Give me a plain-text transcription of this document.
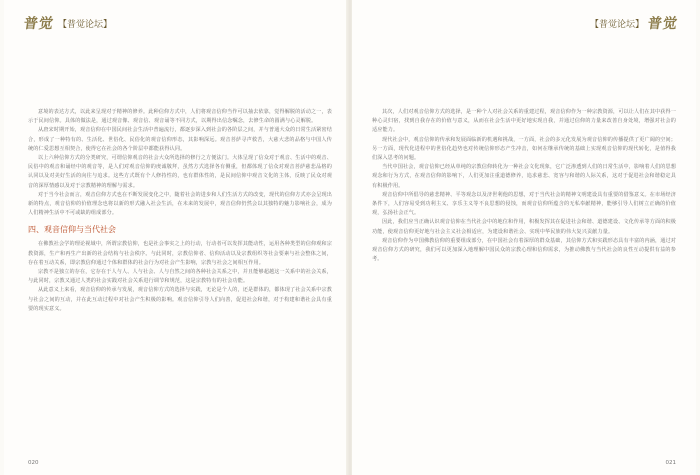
普觉 【普觉论坛】

意境的表达方式，以此来呈现对于精神的修养。此种信仰方式中，人们将观音信仰当作可以抽去依靠，觉得解脱的活动之一，表示于民间信仰。具体的做法是，通过观音像、观音信、观音诵等不同方式，以期得出信念嘱念，去修生命的圆满与心灵解脱。

从唐宋时期开始，观音信仰在中国民间社会生活中普遍流行，都逐步深入到社会的各阶层之间，并与普通大众的日常生活紧密结合，形成了一种特有的、生活化、世俗化、民俗化的观音信仰形态，其影响深远。观音菩萨寻声救苦，大慈大悲的品格与中国人传统的仁爱思想互相契合，使得它在社会的各个阶层中都能获得认同。

以上六种信仰方式的分类研究，可谓信仰观音的社会大众所选择的修行之方便法门。大体呈现了信众对于观音、生活中的观音、民俗中的观音和诵经中的观音等，是人们对观音信仰的虔诚敬拜，虽然方式选择各有侧重，但都体现了信众对观音菩萨慈悲品格的认同以及对美好生活的向往与追求。这些方式既有个人修持性的，也有群体性的，是民间信仰中观音文化的主体，反映了民众对观音的深厚情感以及对于宗教精神的理解与需求。

对于当今社会而言，观音信仰方式也在不断发展变化之中，随着社会的进步和人们生活方式的改变，现代的信仰方式亦会呈现出新的特点，观音信仰的价值理念也将以新的形式融入社会生活，在未来的发展中，观音信仰仍然会以其独特的魅力影响社会，成为人们精神生活中不可或缺的组成部分。

四、观音信仰与当代社会

在佛教社会学的理论视域中，所谓宗教信仰，也是社会事实之上的行动，行动者可以发挥其能动性，运用各种类型的信仰观和宗教资源，生产和再生产出新的社会结构与社会秩序。与此同时，宗教信仰者、信仰活动以及宗教组织等社会要素与社会整体之间，存在着互动关系，即宗教信仰通过个体和群体的社会行为对社会产生影响，宗教与社会之间相互作用。

宗教不是独立的存在，它存在于人与人、人与社会、人与自然之间的各种社会关系之中，并且能够超越这一关系中的社会关系，与此同时，宗教又通过人类的社会实践对社会关系进行调节和规范，这是宗教特有的社会功能。

从此意义上来看，观音信仰的传承与发展，观音信仰方式的选择与实践，无论是个人的，还是群体的，都体现了社会关系中宗教与社会之间的互动，并在此互动过程中对社会产生积极的影响。观音信仰引导人们向善，促进社会和谐，对于构建和谐社会具有重要的现实意义。

020
【普觉论坛】 普觉

其次，人们对观音信仰方式的选择，是一种个人对社会关系的重建过程，观音信仰作为一种宗教资源，可以让人们在其中获得一种心灵归宿，找到自我存在的价值与意义，从而在社会生活中更好地实现自我，并通过信仰的力量来改善自身处境，增强对社会的适应能力。

现代社会中，观音信仰的传承和发展面临新的机遇和挑战，一方面，社会的多元化发展为观音信仰的传播提供了更广阔的空间；另一方面，现代化进程中的世俗化趋势也对传统信仰形态产生冲击，如何在继承传统的基础上实现观音信仰的现代转化，是值得我们深入思考的问题。

当代中国社会，观音信仰已经从单纯的宗教信仰转化为一种社会文化现象，它广泛渗透到人们的日常生活中，影响着人们的思想观念和行为方式，在观音信仰的影响下，人们更加注重道德修养，追求慈悲、宽容与和谐的人际关系，这对于促进社会和谐稳定具有积极作用。

观音信仰中所倡导的慈悲精神、平等观念以及济世利他的思想，对于当代社会的精神文明建设具有重要的借鉴意义。在市场经济条件下，人们容易受到功利主义、享乐主义等不良思想的侵蚀，而观音信仰所蕴含的无私奉献精神，能够引导人们树立正确的价值观，弘扬社会正气。

因此，我们应当正确认识观音信仰在当代社会中的地位和作用，积极发挥其在促进社会和谐、道德建设、文化传承等方面的积极功能，使观音信仰更好地与社会主义社会相适应，为建设和谐社会、实现中华民族的伟大复兴贡献力量。

观音信仰作为中国佛教信仰的重要组成部分，在中国社会有着深厚的群众基础，其信仰方式和实践形态具有丰富的内涵，通过对观音信仰方式的研究，我们可以更加深入地理解中国民众的宗教心理和信仰需求，为推动佛教与当代社会的良性互动提供有益的参考。

021
